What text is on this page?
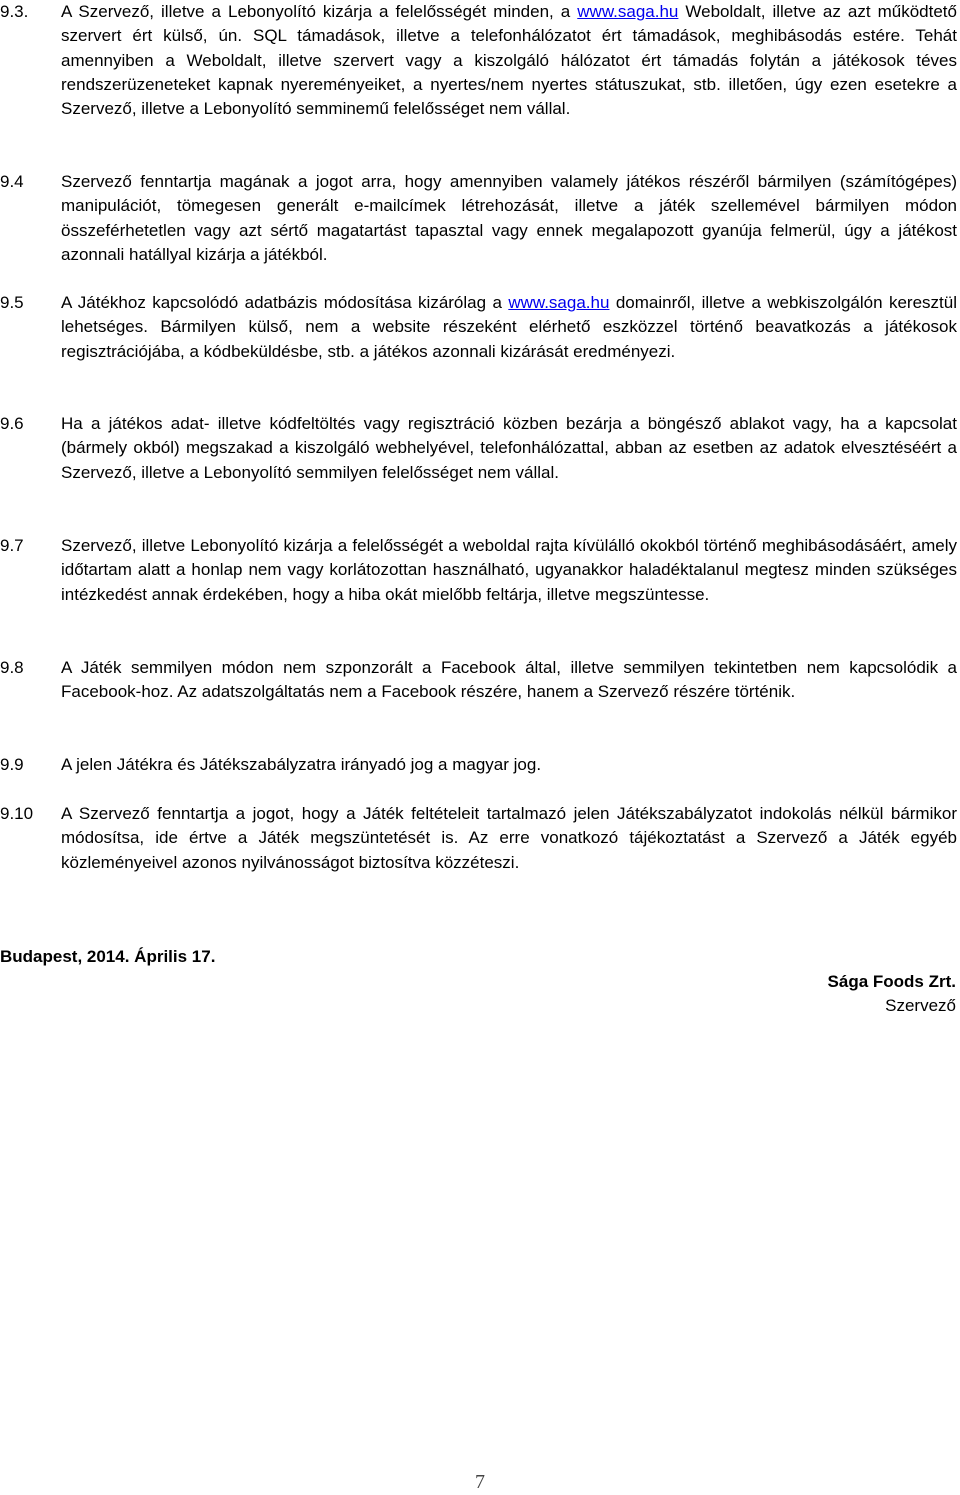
9.3.	A Szervező, illetve a Lebonyolító kizárja a felelősségét minden, a www.saga.hu Weboldalt, illetve az azt működtető szervert ért külső, ún. SQL támadások, illetve a telefonhálózatot ért támadások, meghibásodás estére. Tehát amennyiben a Weboldalt, illetve szervert vagy a kiszolgáló hálózatot ért támadás folytán a játékosok téves rendszerüzeneteket kapnak nyereményeiket, a nyertes/nem nyertes státuszukat, stb. illetően, úgy ezen esetekre a Szervező, illetve a Lebonyolító semminemű felelősséget nem vállal.
9.4	Szervező fenntartja magának a jogot arra, hogy amennyiben valamely játékos részéről bármilyen (számítógépes) manipulációt, tömegesen generált e-mailcímek létrehozását, illetve a játék szellemével bármilyen módon összeférhetetlen vagy azt sértő magatartást tapasztal vagy ennek megalapozott gyanúja felmerül, úgy a játékost azonnali hatállyal kizárja a játékból.
9.5	A Játékhoz kapcsolódó adatbázis módosítása kizárólag a www.saga.hu domainről, illetve a webkiszolgálón keresztül lehetséges. Bármilyen külső, nem a website részeként elérhető eszközzel történő beavatkozás a játékosok regisztrációjába, a kódbeküldésbe, stb. a játékos azonnali kizárását eredményezi.
9.6	Ha a játékos adat- illetve kódfeltöltés vagy regisztráció közben bezárja a böngésző ablakot vagy, ha a kapcsolat (bármely okból) megszakad a kiszolgáló webhelyével, telefonhálózattal, abban az esetben az adatok elvesztéséért a Szervező, illetve a Lebonyolító semmilyen felelősséget nem vállal.
9.7	Szervező, illetve Lebonyolító kizárja a felelősségét a weboldal rajta kívülálló okokból történő meghibásodásáért, amely időtartam alatt a honlap nem vagy korlátozottan használható, ugyanakkor haladéktalanul megtesz minden szükséges intézkedést annak érdekében, hogy a hiba okát mielőbb feltárja, illetve megszüntesse.
9.8	A Játék semmilyen módon nem szponzorált a Facebook által, illetve semmilyen tekintetben nem kapcsolódik a Facebook-hoz. Az adatszolgáltatás nem a Facebook részére, hanem a Szervező részére történik.
9.9	A jelen Játékra és Játékszabályzatra irányadó jog a magyar jog.
9.10	A Szervező fenntartja a jogot, hogy a Játék feltételeit tartalmazó jelen Játékszabályzatot indokolás nélkül bármikor módosítsa, ide értve a Játék megszüntetését is. Az erre vonatkozó tájékoztatást a Szervező a Játék egyéb közleményeivel azonos nyilvánosságot biztosítva közzéteszi.
Budapest, 2014. Április 17.
Sága Foods Zrt.
Szervező
7
